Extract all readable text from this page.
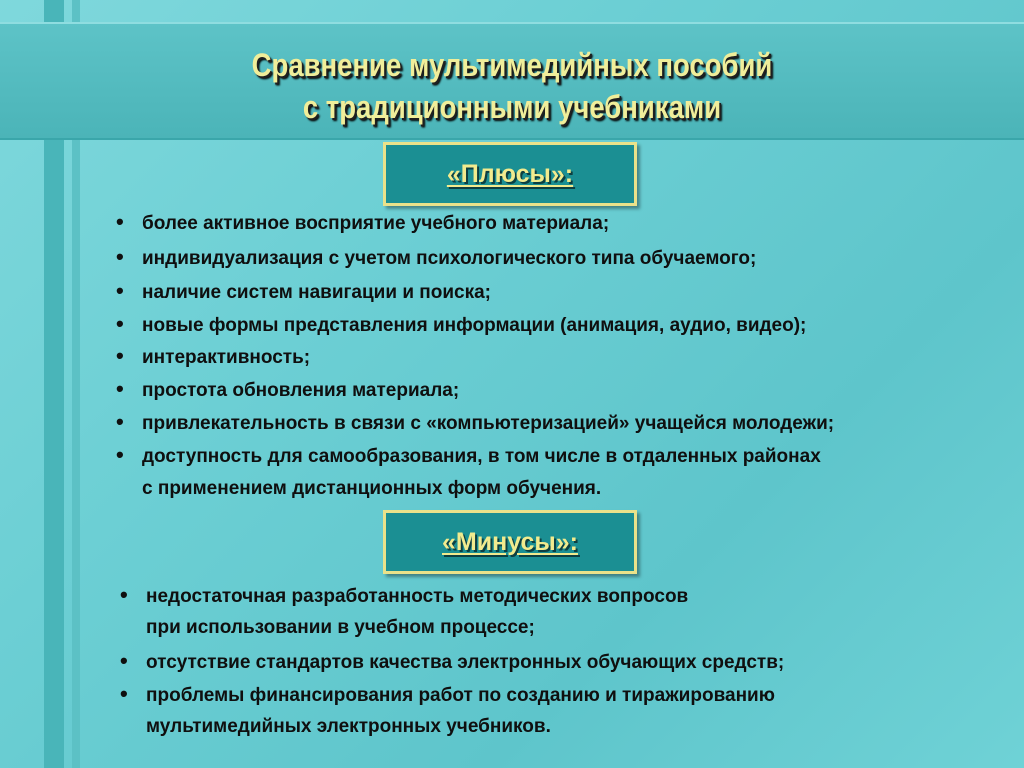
Сравнение мультимедийных пособий
с традиционными учебниками
«Плюсы»:
• более активное восприятие учебного материала;
• индивидуализация с учетом психологического типа обучаемого;
• наличие систем навигации и поиска;
• новые формы представления информации (анимация, аудио, видео);
• интерактивность;
• простота обновления материала;
• привлекательность в связи с «компьютеризацией» учащейся молодежи;
• доступность для самообразования, в том числе в отдаленных районах
с применением дистанционных форм обучения.
«Минусы»:
• недостаточная разработанность методических вопросов
при использовании в учебном процессе;
• отсутствие стандартов качества электронных обучающих средств;
• проблемы финансирования работ по созданию и тиражированию
мультимедийных электронных учебников.
